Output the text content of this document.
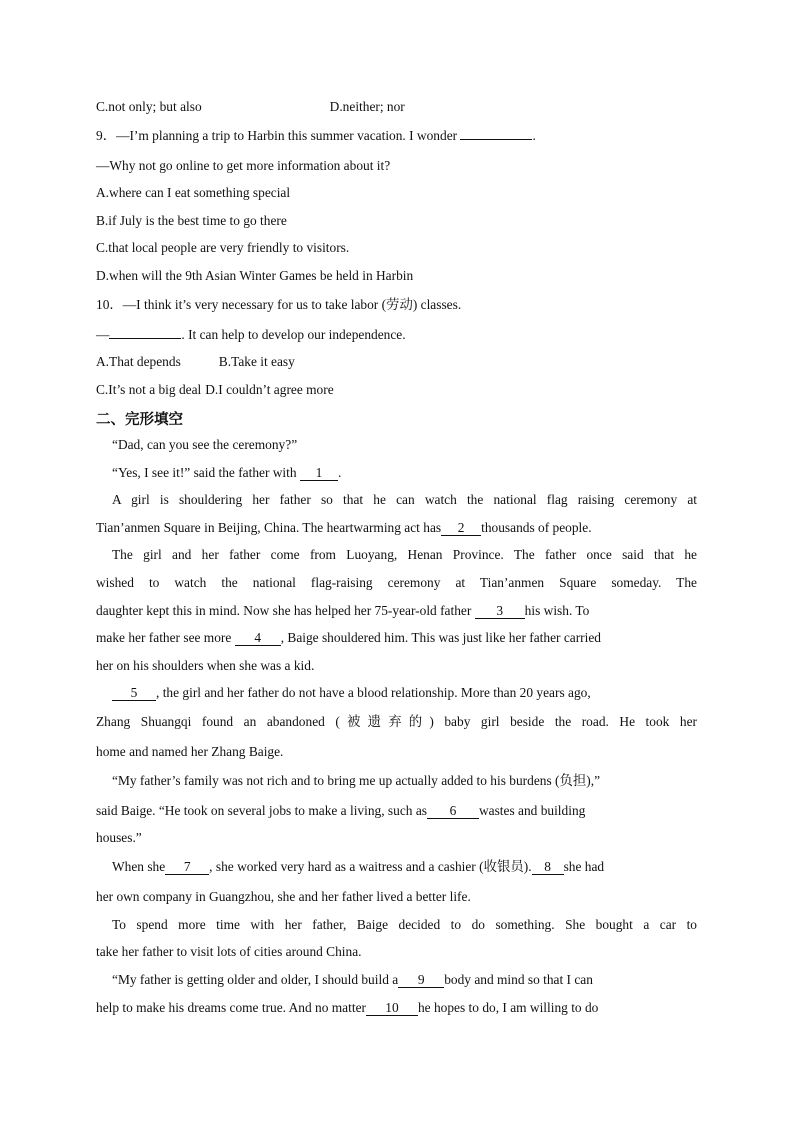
C.not only; but also	D.neither; nor
9．—I’m planning a trip to Harbin this summer vacation. I wonder	.
—Why not go online to get more information about it?
A.where can I eat something special
B.if July is the best time to go there
C.that local people are very friendly to visitors.
D.when will the 9th Asian Winter Games be held in Harbin
10．—I think it’s very necessary for us to take labor (劳动) classes.
—	. It can help to develop our independence.
A.That depends	B.Take it easy
C.It’s not a big deal D.I couldn’t agree more
二、完形填空
“Dad, can you see the ceremony?”
“Yes, I see it!” said the father with 1 .
A girl is shouldering her father so that he can watch the national flag raising ceremony at
Tian’anmen Square in Beijing, China. The heartwarming act has 2 thousands of people.
The girl and her father come from Luoyang, Henan Province. The father once said that he
wished to watch the national flag-raising ceremony at Tian’anmen Square someday. The
daughter kept this in mind. Now she has helped her 75-year-old father 3 his wish. To
make her father see more 4 , Baige shouldered him. This was just like her father carried
her on his shoulders when she was a kid.
5 , the girl and her father do not have a blood relationship. More than 20 years ago,
Zhang Shuangqi found an abandoned (被遗弃的) baby girl beside the road. He took her
home and named her Zhang Baige.
“My father’s family was not rich and to bring me up actually added to his burdens (负担),”
said Baige. “He took on several jobs to make a living, such as 6 wastes and building
houses.”
When she 7 , she worked very hard as a waitress and a cashier (收银员). 8 she had
her own company in Guangzhou, she and her father lived a better life.
To spend more time with her father, Baige decided to do something. She bought a car to
take her father to visit lots of cities around China.
“My father is getting older and older, I should build a 9 body and mind so that I can
help to make his dreams come true. And no matter 10 he hopes to do, I am willing to do
